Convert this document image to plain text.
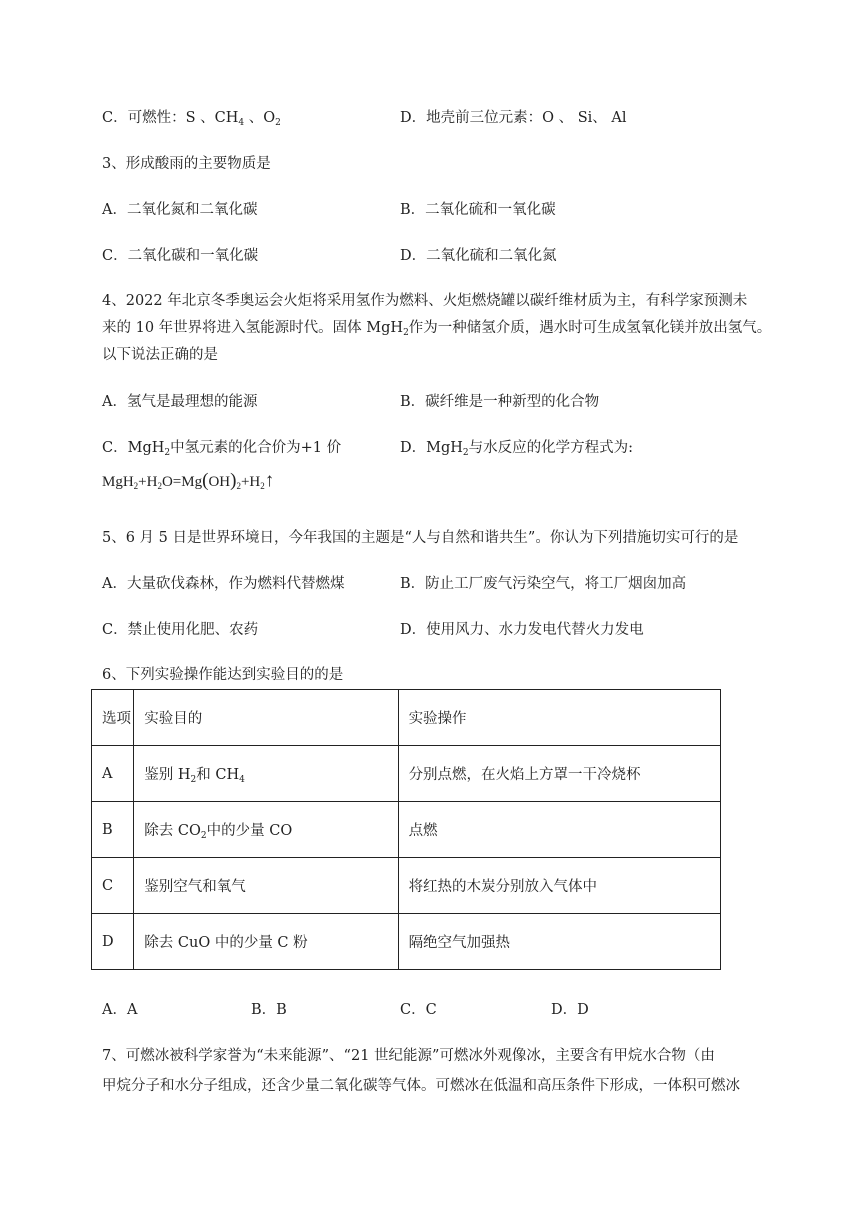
C．可燃性：S 、$CH_4$ 、$O_2$	D．地壳前三位元素：O 、 Si、 Al
3、形成酸雨的主要物质是
A．二氧化氮和二氧化碳	B．二氧化硫和一氧化碳
C．二氧化碳和一氧化碳	D．二氧化硫和二氧化氮
4、2022 年北京冬季奥运会火炬将采用氢作为燃料、火炬燃烧罐以碳纤维材质为主，有科学家预测未
来的 10 年世界将进入氢能源时代。固体 MgH$_2$作为一种储氢介质，遇水时可生成氢氧化镁并放出氢气。
以下说法正确的是
A．氢气是最理想的能源	B．碳纤维是一种新型的化合物
C．MgH$_2$中氢元素的化合价为+1 价	D．MgH$_2$与水反应的化学方程式为:
$MgH_2+H_2O=Mg(OH)_2+H_2↑$
5、6 月 5 日是世界环境日，今年我国的主题是“人与自然和谐共生”。你认为下列措施切实可行的是
A．大量砍伐森林，作为燃料代替燃煤	B．防止工厂废气污染空气，将工厂烟囱加高
C．禁止使用化肥、农药	D．使用风力、水力发电代替火力发电
6、下列实验操作能达到实验目的的是
选项	实验目的	实验操作
A	鉴别 $H_2$和 $CH_4$	分别点燃，在火焰上方罩一干冷烧杯
B	除去 $CO_2$中的少量 CO	点燃
C	鉴别空气和氧气	将红热的木炭分别放入气体中
D	除去 CuO 中的少量 C 粉	隔绝空气加强热
A．A	B．B	C．C	D．D
7、可燃冰被科学家誉为“未来能源”、“21 世纪能源”可燃冰外观像冰，主要含有甲烷水合物（由
甲烷分子和水分子组成，还含少量二氧化碳等气体。可燃冰在低温和高压条件下形成，一体积可燃冰
